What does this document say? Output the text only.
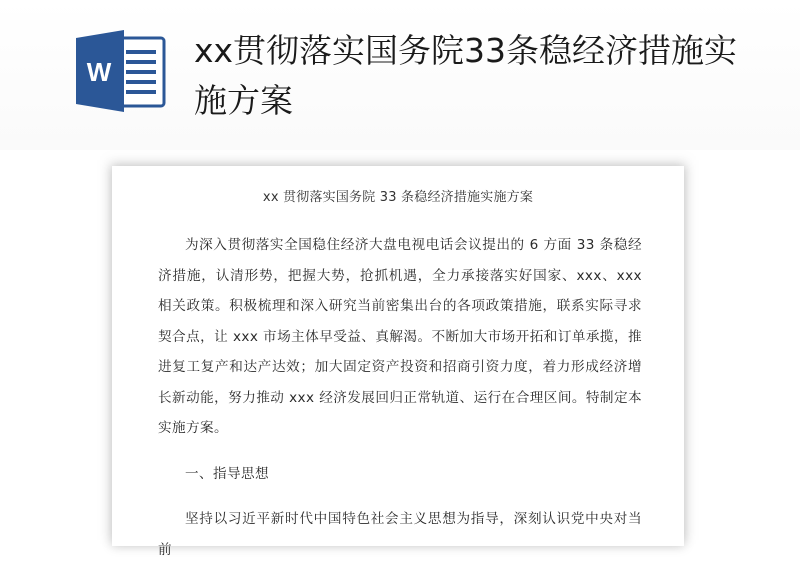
W
xx贯彻落实国务院33条稳经济措施实施方案
xx 贯彻落实国务院 33 条稳经济措施实施方案

为深入贯彻落实全国稳住经济大盘电视电话会议提出的 6 方面 33 条稳经济措施，认清形势，把握大势，抢抓机遇，全力承接落实好国家、xxx、xxx 相关政策。积极梳理和深入研究当前密集出台的各项政策措施，联系实际寻求契合点，让 xxx 市场主体早受益、真解渴。不断加大市场开拓和订单承揽，推进复工复产和达产达效；加大固定资产投资和招商引资力度，着力形成经济增长新动能，努力推动 xxx 经济发展回归正常轨道、运行在合理区间。特制定本实施方案。

一、指导思想

坚持以习近平新时代中国特色社会主义思想为指导，深刻认识党中央对当前
